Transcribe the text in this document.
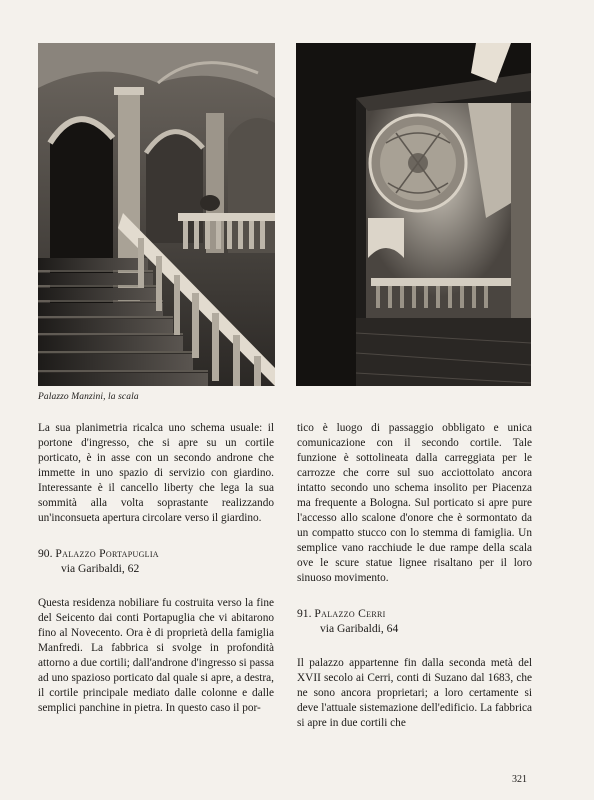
Palazzo Manzini, la scala

La sua planimetria ricalca uno schema usuale: il portone d'ingresso, che si apre su un cortile porticato, è in asse con un secondo androne che immette in uno spazio di servizio con giardino. Interessante è il cancello liberty che lega la sua sommità alla volta soprastante realizzando un'inconsueta apertura circolare verso il giardino.

90. Palazzo Portapuglia
via Garibaldi, 62

Questa residenza nobiliare fu costruita verso la fine del Seicento dai conti Portapuglia che vi abitarono fino al Novecento. Ora è di proprietà della famiglia Manfredi. La fabbrica si svolge in profondità attorno a due cortili; dall'androne d'ingresso si passa ad uno spazioso porticato dal quale si apre, a destra, il cortile principale mediato dalle colonne e dalle semplici panchine in pietra. In questo caso il por-

tico è luogo di passaggio obbligato e unica comunicazione con il secondo cortile. Tale funzione è sottolineata dalla carreggiata per le carrozze che corre sul suo acciottolato ancora intatto secondo uno schema insolito per Piacenza ma frequente a Bologna. Sul porticato si apre pure l'accesso allo scalone d'onore che è sormontato da un compatto stucco con lo stemma di famiglia. Un semplice vano racchiude le due rampe della scala ove le scure statue lignee risaltano per il loro sinuoso movimento.

91. Palazzo Cerri
via Garibaldi, 64

Il palazzo appartenne fin dalla seconda metà del XVII secolo ai Cerri, conti di Suzano dal 1683, che ne sono ancora proprietari; a loro certamente si deve l'attuale sistemazione dell'edificio. La fabbrica si apre in due cortili che

321
